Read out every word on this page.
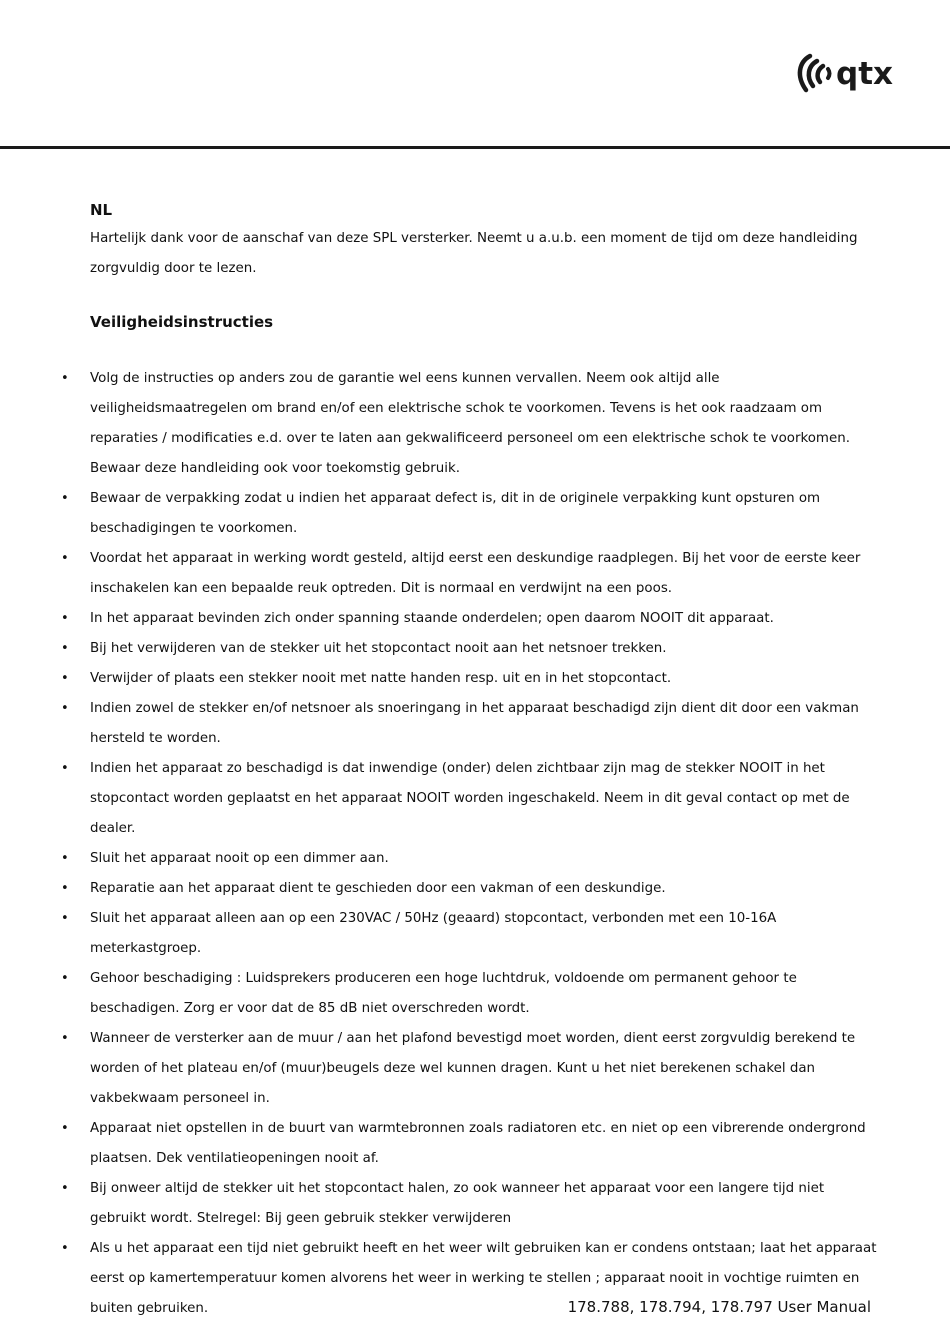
qtx

NL

Hartelijk dank voor de aanschaf van deze SPL versterker. Neemt u a.u.b. een moment de tijd om deze handleiding zorgvuldig door te lezen.

Veiligheidsinstructies

• Volg de instructies op anders zou de garantie wel eens kunnen vervallen. Neem ook altijd alle veiligheidsmaatregelen om brand en/of een elektrische schok te voorkomen. Tevens is het ook raadzaam om reparaties / modificaties e.d. over te laten aan gekwalificeerd personeel om een elektrische schok te voorkomen. Bewaar deze handleiding ook voor toekomstig gebruik.
• Bewaar de verpakking zodat u indien het apparaat defect is, dit in de originele verpakking kunt opsturen om beschadigingen te voorkomen.
• Voordat het apparaat in werking wordt gesteld, altijd eerst een deskundige raadplegen. Bij het voor de eerste keer inschakelen kan een bepaalde reuk optreden. Dit is normaal en verdwijnt na een poos.
• In het apparaat bevinden zich onder spanning staande onderdelen; open daarom NOOIT dit apparaat.
• Bij het verwijderen van de stekker uit het stopcontact nooit aan het netsnoer trekken.
• Verwijder of plaats een stekker nooit met natte handen resp. uit en in het stopcontact.
• Indien zowel de stekker en/of netsnoer als snoeringang in het apparaat beschadigd zijn dient dit door een vakman hersteld te worden.
• Indien het apparaat zo beschadigd is dat inwendige (onder) delen zichtbaar zijn mag de stekker NOOIT in het stopcontact worden geplaatst en het apparaat NOOIT worden ingeschakeld. Neem in dit geval contact op met de dealer.
• Sluit het apparaat nooit op een dimmer aan.
• Reparatie aan het apparaat dient te geschieden door een vakman of een deskundige.
• Sluit het apparaat alleen aan op een 230VAC / 50Hz (geaard) stopcontact, verbonden met een 10-16A meterkastgroep.
• Gehoor beschadiging : Luidsprekers produceren een hoge luchtdruk, voldoende om permanent gehoor te beschadigen. Zorg er voor dat de 85 dB niet overschreden wordt.
• Wanneer de versterker aan de muur / aan het plafond bevestigd moet worden, dient eerst zorgvuldig berekend te worden of het plateau en/of (muur)beugels deze wel kunnen dragen. Kunt u het niet berekenen schakel dan vakbekwaam personeel in.
• Apparaat niet opstellen in de buurt van warmtebronnen zoals radiatoren etc. en niet op een vibrerende ondergrond plaatsen. Dek ventilatieopeningen nooit af.
• Bij onweer altijd de stekker uit het stopcontact halen, zo ook wanneer het apparaat voor een langere tijd niet gebruikt wordt. Stelregel: Bij geen gebruik stekker verwijderen
• Als u het apparaat een tijd niet gebruikt heeft en het weer wilt gebruiken kan er condens ontstaan; laat het apparaat eerst op kamertemperatuur komen alvorens het weer in werking te stellen ; apparaat nooit in vochtige ruimten en buiten gebruiken.	178.788, 178.794, 178.797 User Manual
